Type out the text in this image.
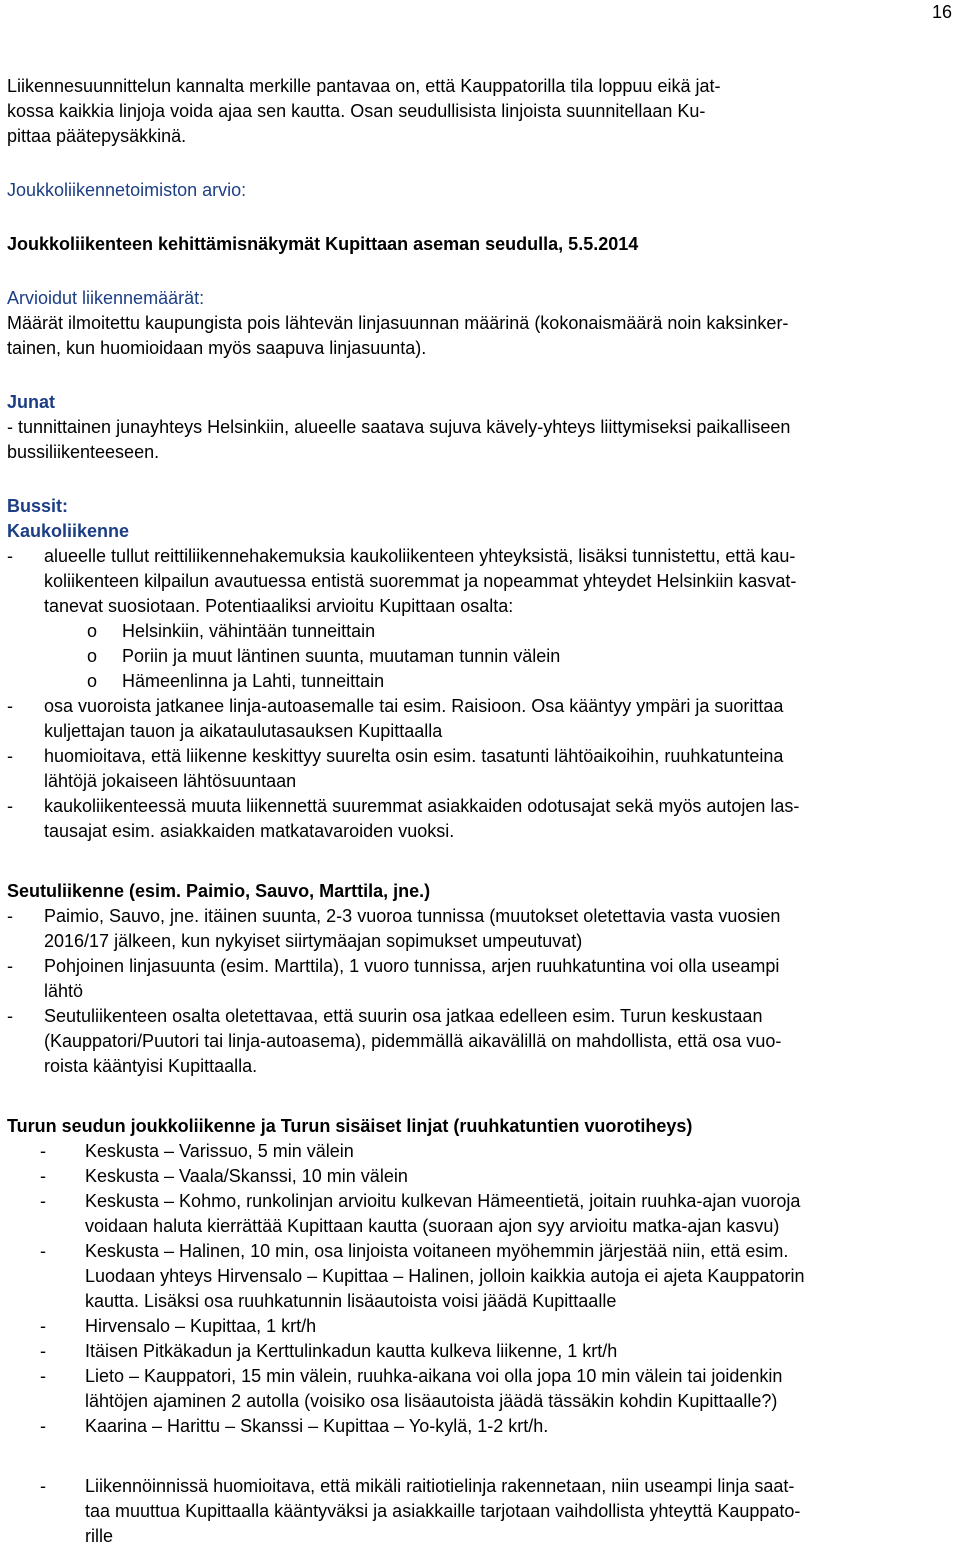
16
Liikennesuunnittelun kannalta merkille pantavaa on, että Kauppatorilla tila loppuu eikä jat-
kossa kaikkia linjoja voida ajaa sen kautta. Osan seudullisista linjoista suunnitellaan Ku-
pittaa päätepysäkkinä.
Joukkoliikennetoimiston arvio:
Joukkoliikenteen kehittämisnäkymät Kupittaan aseman seudulla, 5.5.2014
Arvioidut liikennemäärät:
Määrät ilmoitettu kaupungista pois lähtevän linjasuunnan määrinä (kokonaismäärä noin kaksinker-
tainen, kun huomioidaan myös saapuva linjasuunta).
Junat
- tunnittainen junayhteys Helsinkiin, alueelle saatava sujuva kävely-yhteys liittymiseksi paikalliseen
bussiliikenteeseen.
Bussit:
Kaukoliikenne
- alueelle tullut reittiliikennehakemuksia kaukoliikenteen yhteyksistä, lisäksi tunnistettu, että kau-
koliikenteen kilpailun avautuessa entistä suoremmat ja nopeammat yhteydet Helsinkiin kasvat-
tanevat suosiotaan. Potentiaaliksi arvioitu Kupittaan osalta:
o Helsinkiin, vähintään tunneittain
o Poriin ja muut läntinen suunta, muutaman tunnin välein
o Hämeenlinna ja Lahti, tunneittain
- osa vuoroista jatkanee linja-autoasemalle tai esim. Raisioon. Osa kääntyy ympäri ja suorittaa
kuljettajan tauon ja aikataulutasauksen Kupittaalla
- huomioitava, että liikenne keskittyy suurelta osin esim. tasatunti lähtöaikoihin, ruuhkatunteina
lähtöjä jokaiseen lähtösuuntaan
- kaukoliikenteessä muuta liikennettä suuremmat asiakkaiden odotusajat sekä myös autojen las-
tausajat esim. asiakkaiden matkatavaroiden vuoksi.
Seutuliikenne (esim. Paimio, Sauvo, Marttila, jne.)
- Paimio, Sauvo, jne. itäinen suunta, 2-3 vuoroa tunnissa (muutokset oletettavia vasta vuosien
2016/17 jälkeen, kun nykyiset siirtymäajan sopimukset umpeutuvat)
- Pohjoinen linjasuunta (esim. Marttila), 1 vuoro tunnissa, arjen ruuhkatuntina voi olla useampi
lähtö
- Seutuliikenteen osalta oletettavaa, että suurin osa jatkaa edelleen esim. Turun keskustaan
(Kauppatori/Puutori tai linja-autoasema), pidemmällä aikavälillä on mahdollista, että osa vuo-
roista kääntyisi Kupittaalla.
Turun seudun joukkoliikenne ja Turun sisäiset linjat (ruuhkatuntien vuorotiheys)
- Keskusta – Varissuo, 5 min välein
- Keskusta – Vaala/Skanssi, 10 min välein
- Keskusta – Kohmo, runkolinjan arvioitu kulkevan Hämeentietä, joitain ruuhka-ajan vuoroja
voidaan haluta kierrättää Kupittaan kautta (suoraan ajon syy arvioitu matka-ajan kasvu)
- Keskusta – Halinen, 10 min, osa linjoista voitaneen myöhemmin järjestää niin, että esim.
Luodaan yhteys Hirvensalo – Kupittaa – Halinen, jolloin kaikkia autoja ei ajeta Kauppatorin
kautta. Lisäksi osa ruuhkatunnin lisäautoista voisi jäädä Kupittaalle
- Hirvensalo – Kupittaa, 1 krt/h
- Itäisen Pitkäkadun ja Kerttulinkadun kautta kulkeva liikenne, 1 krt/h
- Lieto – Kauppatori, 15 min välein, ruuhka-aikana voi olla jopa 10 min välein tai joidenkin
lähtöjen ajaminen 2 autolla (voisiko osa lisäautoista jäädä tässäkin kohdin Kupittaalle?)
- Kaarina – Harittu – Skanssi – Kupittaa – Yo-kylä, 1-2 krt/h.
- Liikennöinnissä huomioitava, että mikäli raitiotielinja rakennetaan, niin useampi linja saat-
taa muuttua Kupittaalla kääntyväksi ja asiakkaille tarjotaan vaihdollista yhteyttä Kauppato-
rille
